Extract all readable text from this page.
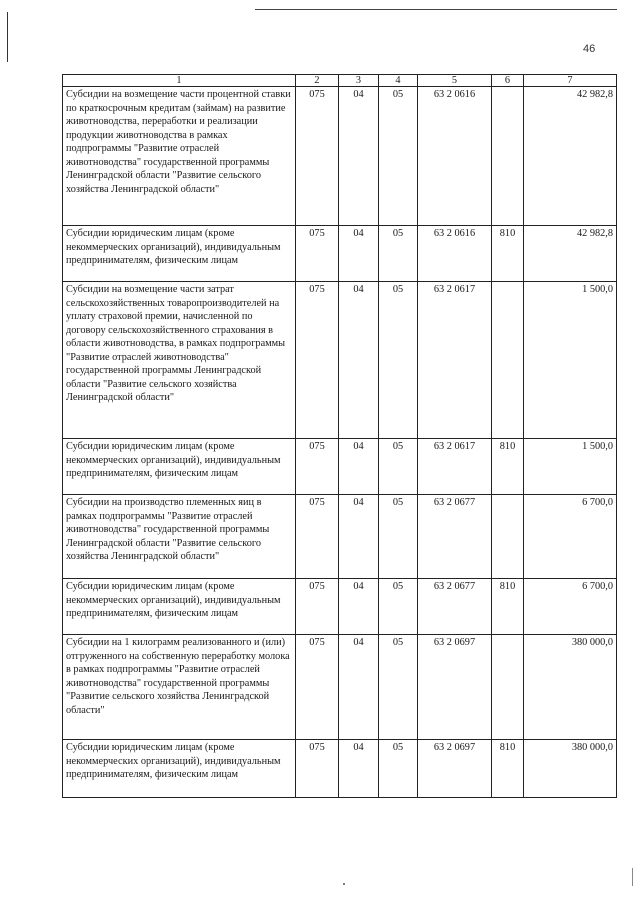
46
1	2	3	4	5	6	7
Субсидии на возмещение части процентной ставки по краткосрочным кредитам (займам) на развитие животноводства, переработки и реализации продукции животноводства в рамках подпрограммы "Развитие отраслей животноводства" государственной программы Ленинградской области "Развитие сельского хозяйства Ленинградской области"	075	04	05	63 2 0616		42 982,8
Субсидии юридическим лицам (кроме некоммерческих организаций), индивидуальным предпринимателям, физическим лицам	075	04	05	63 2 0616	810	42 982,8
Субсидии на возмещение части затрат сельскохозяйственных товаропроизводителей на уплату страховой премии, начисленной по договору сельскохозяйственного страхования в области животноводства, в рамках подпрограммы "Развитие отраслей животноводства" государственной программы Ленинградской области "Развитие сельского хозяйства Ленинградской области"	075	04	05	63 2 0617		1 500,0
Субсидии юридическим лицам (кроме некоммерческих организаций), индивидуальным предпринимателям, физическим лицам	075	04	05	63 2 0617	810	1 500,0
Субсидии на производство племенных яиц в рамках подпрограммы "Развитие отраслей животноводства" государственной программы Ленинградской области "Развитие сельского хозяйства Ленинградской области"	075	04	05	63 2 0677		6 700,0
Субсидии юридическим лицам (кроме некоммерческих организаций), индивидуальным предпринимателям, физическим лицам	075	04	05	63 2 0677	810	6 700,0
Субсидии на 1 килограмм реализованного и (или) отгруженного на собственную переработку молока в рамках подпрограммы "Развитие отраслей животноводства" государственной программы "Развитие сельского хозяйства Ленинградской области"	075	04	05	63 2 0697		380 000,0
Субсидии юридическим лицам (кроме некоммерческих организаций), индивидуальным предпринимателям, физическим лицам	075	04	05	63 2 0697	810	380 000,0
